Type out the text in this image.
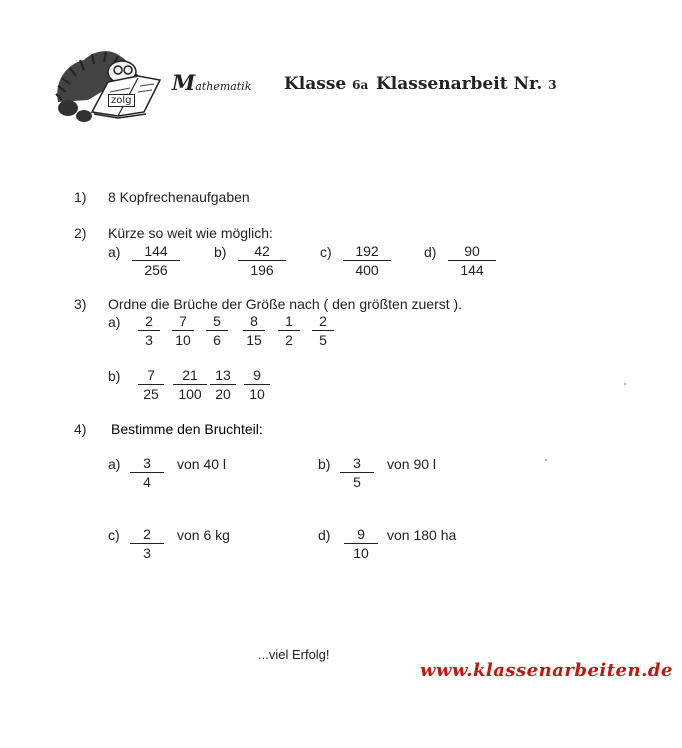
zolg
Mathematik Klasse 6a Klassenarbeit Nr. 3
1) 8 Kopfrechenaufgaben
2) Kürze so weit wie möglich:
a)	144
256
b)	42
196
c)	192
400
d)	90
144
3) Ordne die Brüche der Größe nach ( den größten zuerst ).
a)	2
3
7
10
5
6
8
15
1
2
2
5
b)	7
25
21
100
13
20
9
10
4) Bestimme den Bruchteil:
a)	3
4
von 40 l	b)	3
5
von 90 l
c)	2
3
von 6 kg	d)	9
10
von 180 ha
...viel Erfolg!
www.klassenarbeiten.de
